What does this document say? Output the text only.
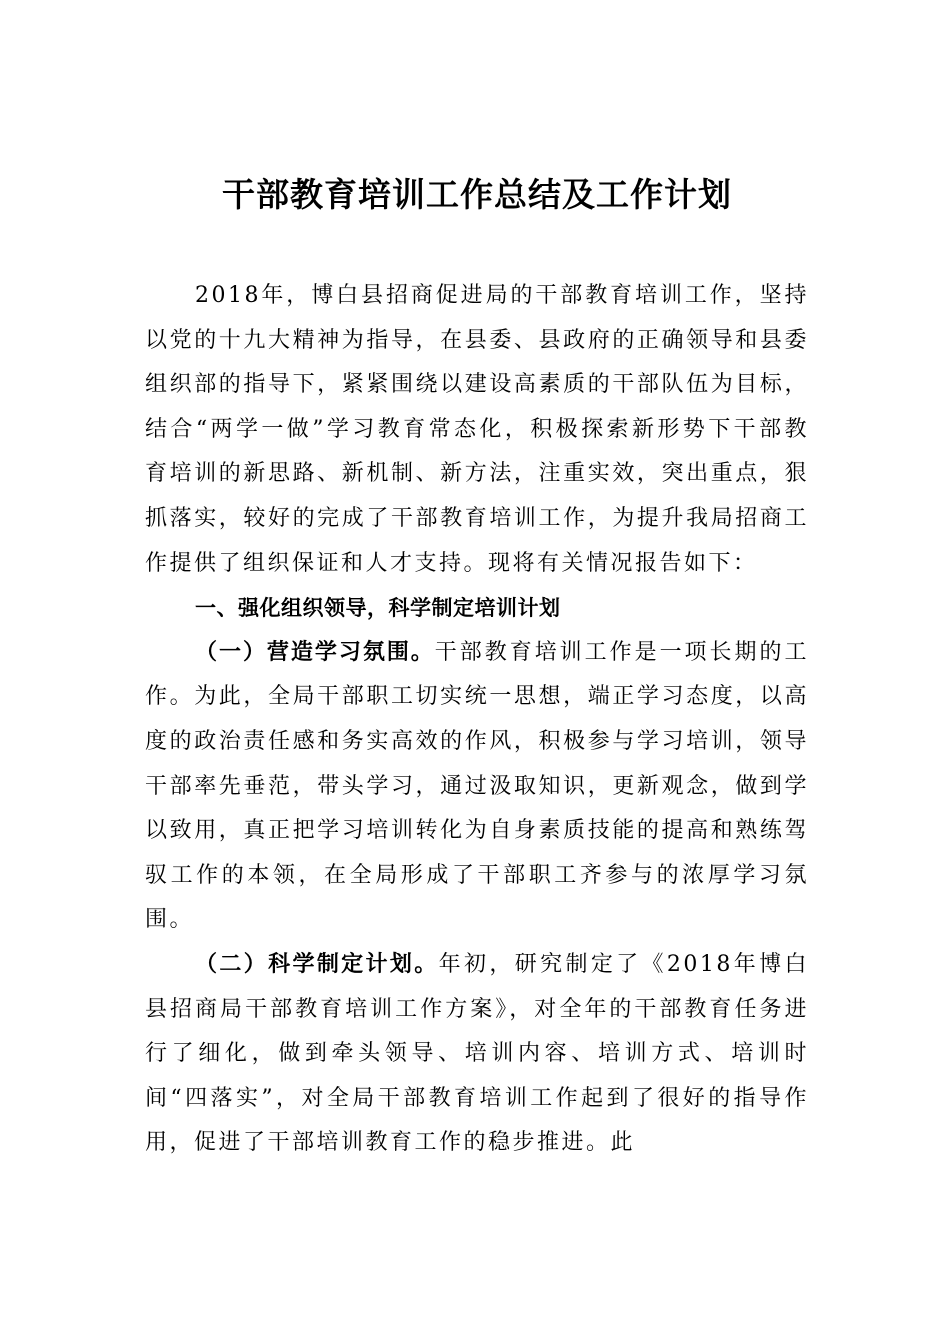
干部教育培训工作总结及工作计划

2018年，博白县招商促进局的干部教育培训工作，坚持以党的十九大精神为指导，在县委、县政府的正确领导和县委组织部的指导下，紧紧围绕以建设高素质的干部队伍为目标，结合“两学一做”学习教育常态化，积极探索新形势下干部教育培训的新思路、新机制、新方法，注重实效，突出重点，狠抓落实，较好的完成了干部教育培训工作，为提升我局招商工作提供了组织保证和人才支持。现将有关情况报告如下：

一、强化组织领导，科学制定培训计划

（一）营造学习氛围。干部教育培训工作是一项长期的工作。为此，全局干部职工切实统一思想，端正学习态度，以高度的政治责任感和务实高效的作风，积极参与学习培训，领导干部率先垂范，带头学习，通过汲取知识，更新观念，做到学以致用，真正把学习培训转化为自身素质技能的提高和熟练驾驭工作的本领，在全局形成了干部职工齐参与的浓厚学习氛围。

（二）科学制定计划。年初，研究制定了《2018年博白县招商局干部教育培训工作方案》，对全年的干部教育任务进行了细化，做到牵头领导、培训内容、培训方式、培训时间“四落实”，对全局干部教育培训工作起到了很好的指导作用，促进了干部培训教育工作的稳步推进。此
